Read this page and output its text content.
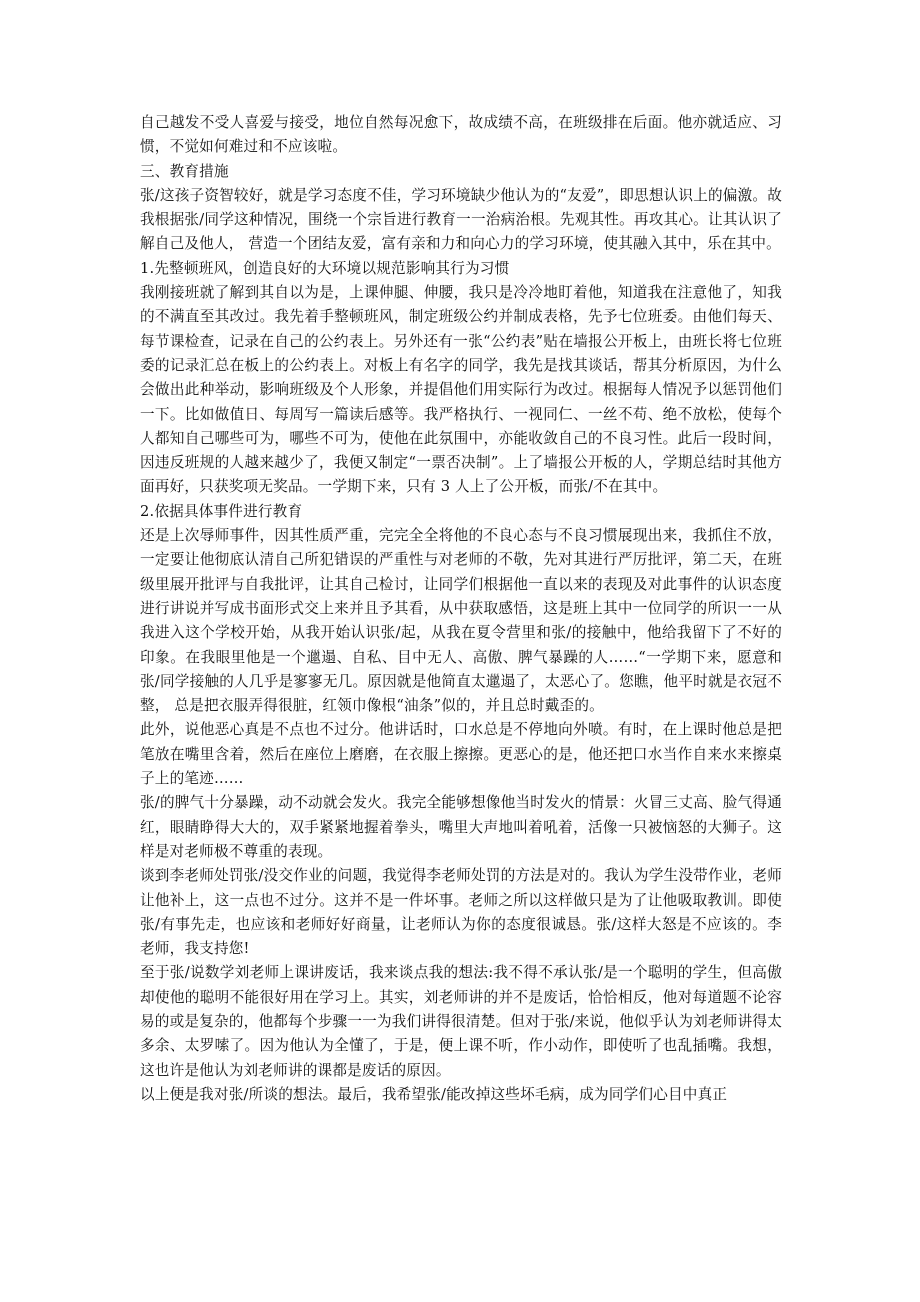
自己越发不受人喜爱与接受，地位自然每况愈下，故成绩不高，在班级排在后面。他亦就适应、习惯，不觉如何难过和不应该啦。

三、教育措施

张/这孩子资智较好，就是学习态度不佳，学习环境缺少他认为的“友爱”，即思想认识上的偏激。故我根据张/同学这种情况，围绕一个宗旨进行教育一一治病治根。先观其性。再攻其心。让其认识了解自己及他人， 营造一个团结友爱，富有亲和力和向心力的学习环境，使其融入其中，乐在其中。

1.先整顿班风，创造良好的大环境以规范影响其行为习惯

我刚接班就了解到其自以为是，上课伸腿、伸腰，我只是冷冷地盯着他，知道我在注意他了，知我的不满直至其改过。我先着手整顿班风，制定班级公约并制成表格，先予七位班委。由他们每天、每节课检查，记录在自己的公约表上。另外还有一张“公约表”贴在墙报公开板上，由班长将七位班委的记录汇总在板上的公约表上。对板上有名字的同学，我先是找其谈话，帮其分析原因，为什么会做出此种举动，影响班级及个人形象，并提倡他们用实际行为改过。根据每人情况予以惩罚他们一下。比如做值日、每周写一篇读后感等。我严格执行、一视同仁、一丝不苟、绝不放松，使每个人都知自己哪些可为，哪些不可为，使他在此氛围中，亦能收敛自己的不良习性。此后一段时间，因违反班规的人越来越少了，我便又制定“一票否决制”。上了墙报公开板的人，学期总结时其他方面再好，只获奖项无奖品。一学期下来，只有 3 人上了公开板，而张/不在其中。

2.依据具体事件进行教育

还是上次辱师事件，因其性质严重，完完全全将他的不良心态与不良习惯展现出来，我抓住不放，一定要让他彻底认清自己所犯错误的严重性与对老师的不敬，先对其进行严厉批评，第二天，在班级里展开批评与自我批评，让其自己检讨，让同学们根据他一直以来的表现及对此事件的认识态度进行讲说并写成书面形式交上来并且予其看，从中获取感悟，这是班上其中一位同学的所识一一从我进入这个学校开始，从我开始认识张/起，从我在夏令营里和张/的接触中，他给我留下了不好的印象。在我眼里他是一个邋遢、自私、目中无人、高傲、脾气暴躁的人……“一学期下来，愿意和张/同学接触的人几乎是寥寥无几。原因就是他简直太邋遢了，太恶心了。您瞧，他平时就是衣冠不整， 总是把衣服弄得很脏，红领巾像根“油条”似的，并且总时戴歪的。

此外，说他恶心真是不点也不过分。他讲话时，口水总是不停地向外喷。有时，在上课时他总是把笔放在嘴里含着，然后在座位上磨磨，在衣服上擦擦。更恶心的是，他还把口水当作自来水来擦桌子上的笔迹……

张/的脾气十分暴躁，动不动就会发火。我完全能够想像他当时发火的情景：火冒三丈高、脸气得通红，眼睛睁得大大的，双手紧紧地握着拳头，嘴里大声地叫着吼着，活像一只被恼怒的大狮子。这样是对老师极不尊重的表现。

谈到李老师处罚张/没交作业的问题，我觉得李老师处罚的方法是对的。我认为学生没带作业，老师让他补上，这一点也不过分。这并不是一件坏事。老师之所以这样做只是为了让他吸取教训。即使张/有事先走，也应该和老师好好商量，让老师认为你的态度很诚恳。张/这样大怒是不应该的。李老师，我支持您!

至于张/说数学刘老师上课讲废话，我来谈点我的想法:我不得不承认张/是一个聪明的学生，但高傲却使他的聪明不能很好用在学习上。其实，刘老师讲的并不是废话，恰恰相反，他对每道题不论容易的或是复杂的，他都每个步骤一一为我们讲得很清楚。但对于张/来说，他似乎认为刘老师讲得太多余、太罗嗦了。因为他认为全懂了，于是，便上课不听，作小动作，即使听了也乱插嘴。我想，这也许是他认为刘老师讲的课都是废话的原因。

以上便是我对张/所谈的想法。最后，我希望张/能改掉这些坏毛病，成为同学们心目中真正
